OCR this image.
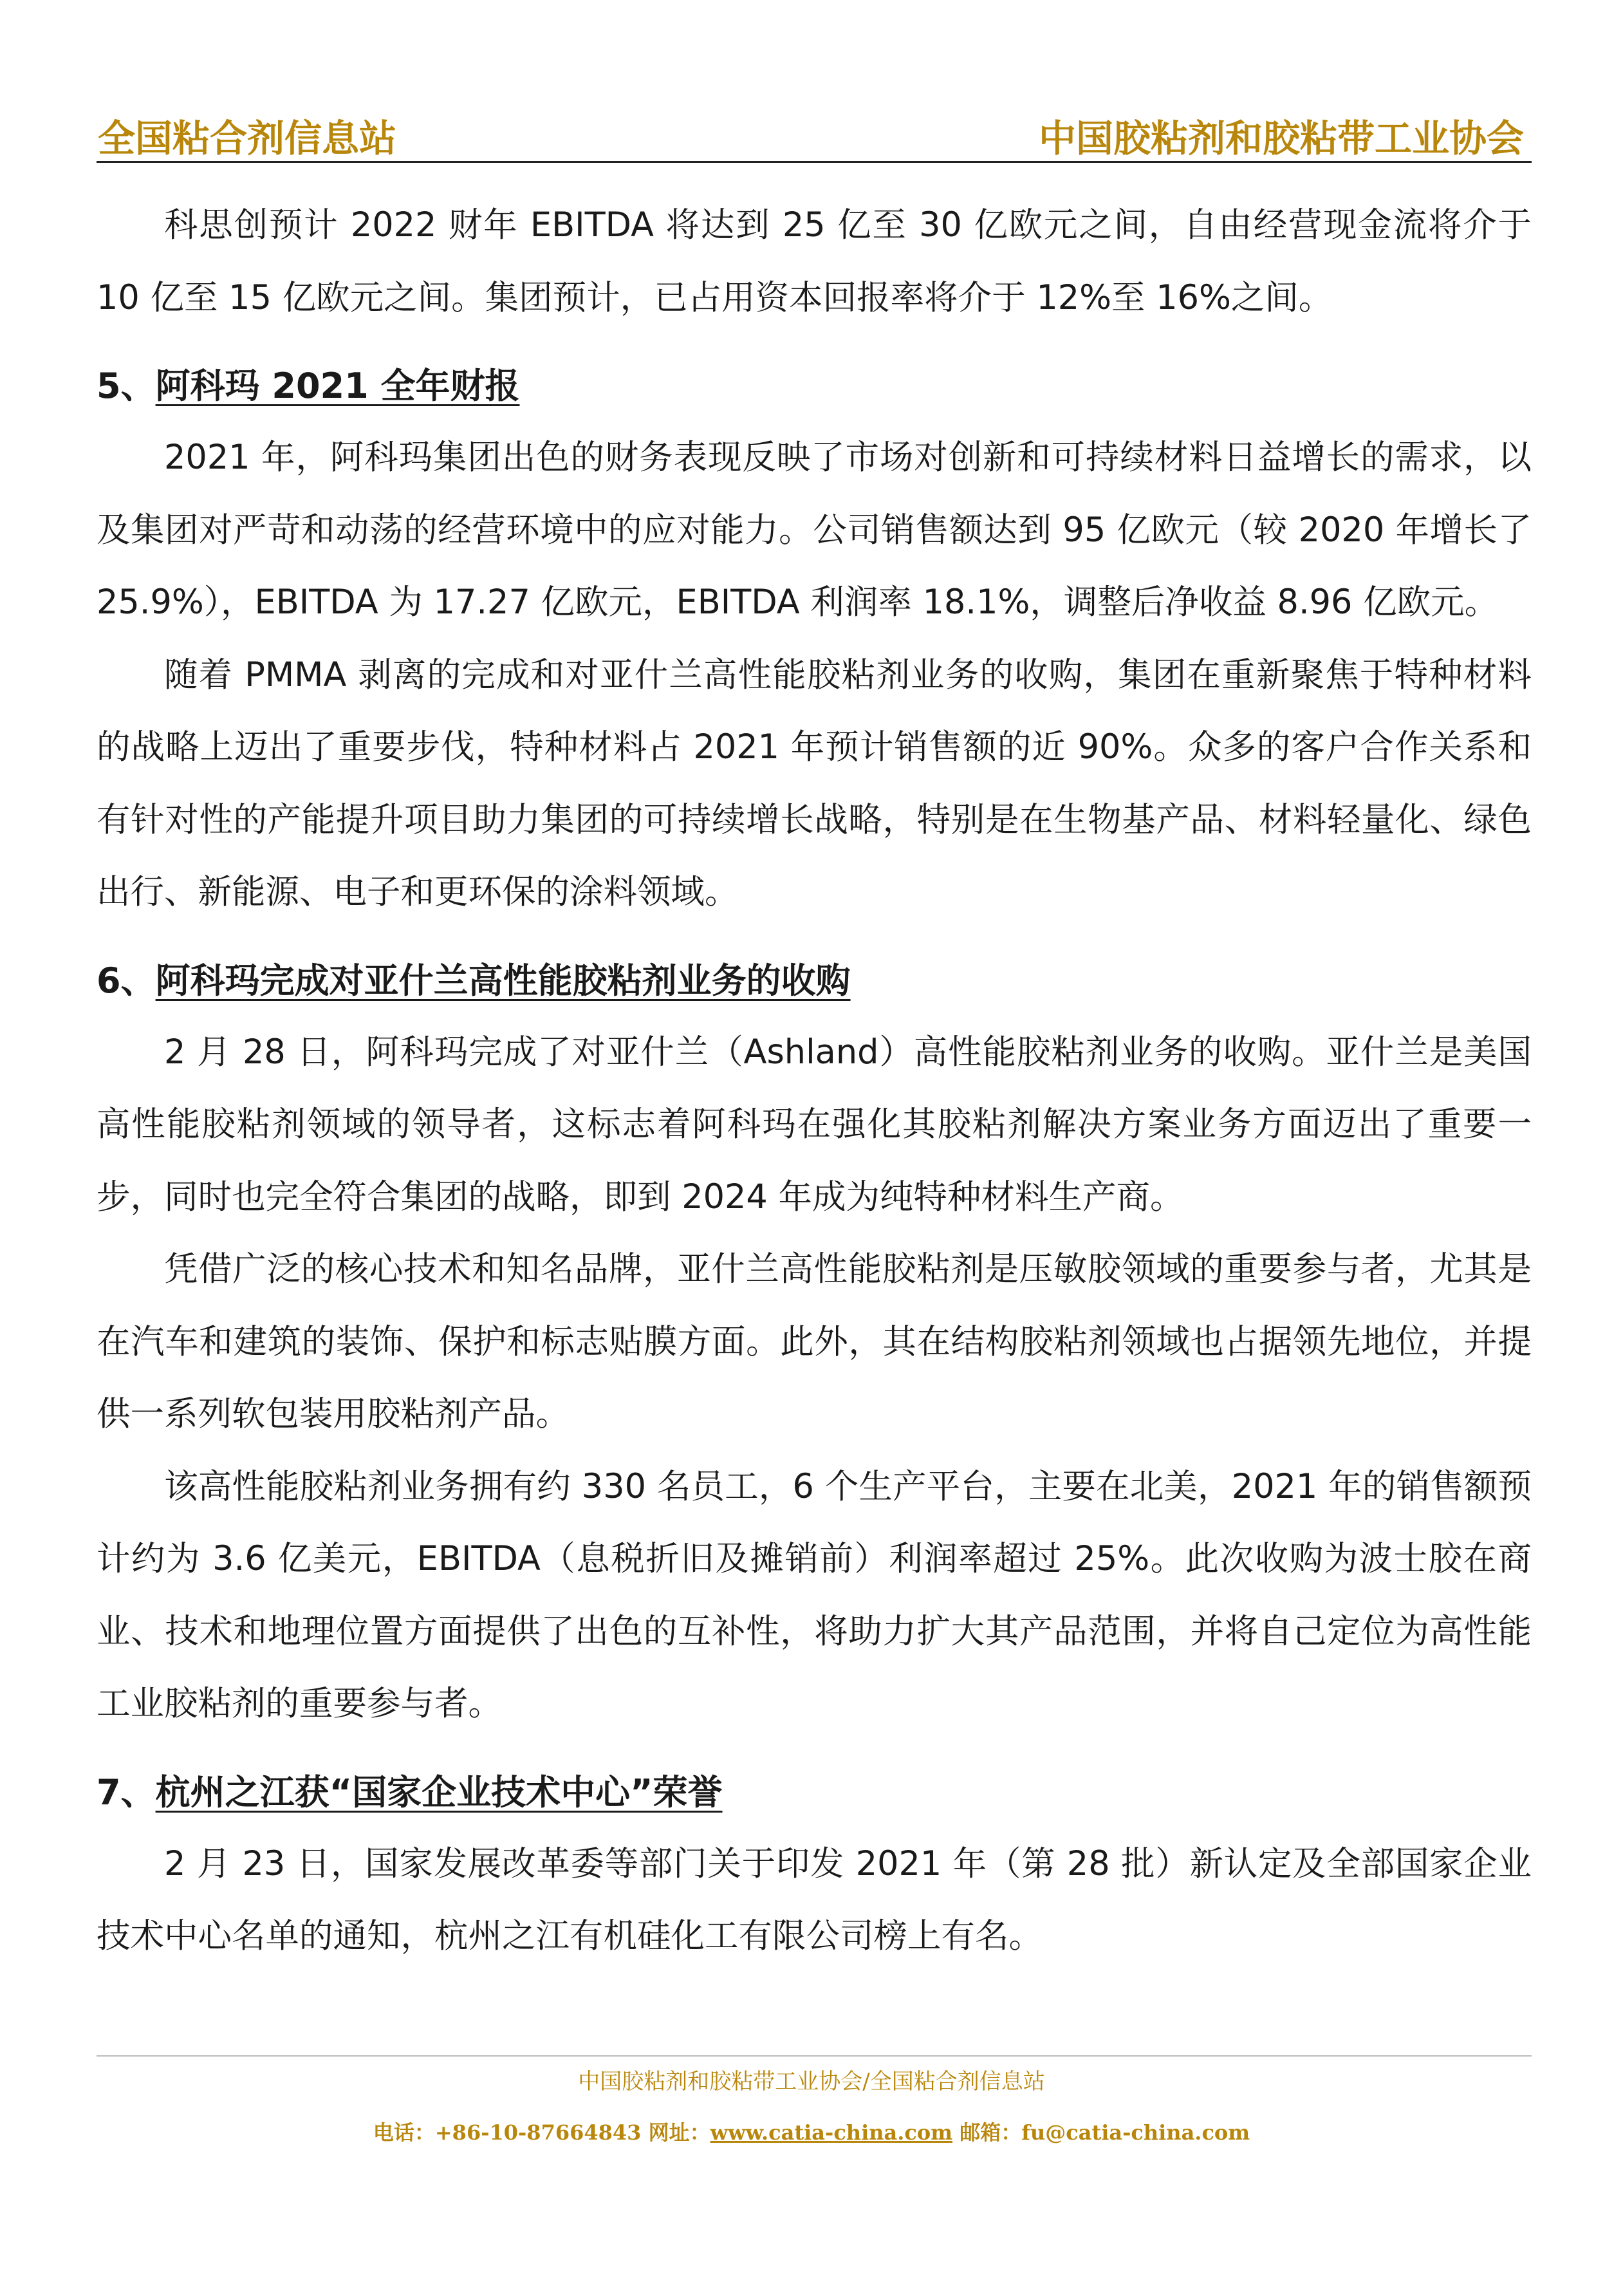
全国粘合剂信息站	中国胶粘剂和胶粘带工业协会

科思创预计 2022 财年 EBITDA 将达到 25 亿至 30 亿欧元之间，自由经营现金流将介于 10 亿至 15 亿欧元之间。集团预计，已占用资本回报率将介于 12%至 16%之间。

5、阿科玛 2021 全年财报

2021 年，阿科玛集团出色的财务表现反映了市场对创新和可持续材料日益增长的需求，以及集团对严苛和动荡的经营环境中的应对能力。公司销售额达到 95 亿欧元（较 2020 年增长了 25.9%），EBITDA 为 17.27 亿欧元，EBITDA 利润率 18.1%，调整后净收益 8.96 亿欧元。

随着 PMMA 剥离的完成和对亚什兰高性能胶粘剂业务的收购，集团在重新聚焦于特种材料的战略上迈出了重要步伐，特种材料占 2021 年预计销售额的近 90%。众多的客户合作关系和有针对性的产能提升项目助力集团的可持续增长战略，特别是在生物基产品、材料轻量化、绿色出行、新能源、电子和更环保的涂料领域。

6、阿科玛完成对亚什兰高性能胶粘剂业务的收购

2 月 28 日，阿科玛完成了对亚什兰（Ashland）高性能胶粘剂业务的收购。亚什兰是美国高性能胶粘剂领域的领导者，这标志着阿科玛在强化其胶粘剂解决方案业务方面迈出了重要一步，同时也完全符合集团的战略，即到 2024 年成为纯特种材料生产商。

凭借广泛的核心技术和知名品牌，亚什兰高性能胶粘剂是压敏胶领域的重要参与者，尤其是在汽车和建筑的装饰、保护和标志贴膜方面。此外，其在结构胶粘剂领域也占据领先地位，并提供一系列软包装用胶粘剂产品。

该高性能胶粘剂业务拥有约 330 名员工，6 个生产平台，主要在北美，2021 年的销售额预计约为 3.6 亿美元，EBITDA（息税折旧及摊销前）利润率超过 25%。此次收购为波士胶在商业、技术和地理位置方面提供了出色的互补性，将助力扩大其产品范围，并将自己定位为高性能工业胶粘剂的重要参与者。

7、杭州之江获“国家企业技术中心”荣誉

2 月 23 日，国家发展改革委等部门关于印发 2021 年（第 28 批）新认定及全部国家企业技术中心名单的通知，杭州之江有机硅化工有限公司榜上有名。

中国胶粘剂和胶粘带工业协会/全国粘合剂信息站
电话：+86-10-87664843 网址：www.catia-china.com 邮箱：fu@catia-china.com
